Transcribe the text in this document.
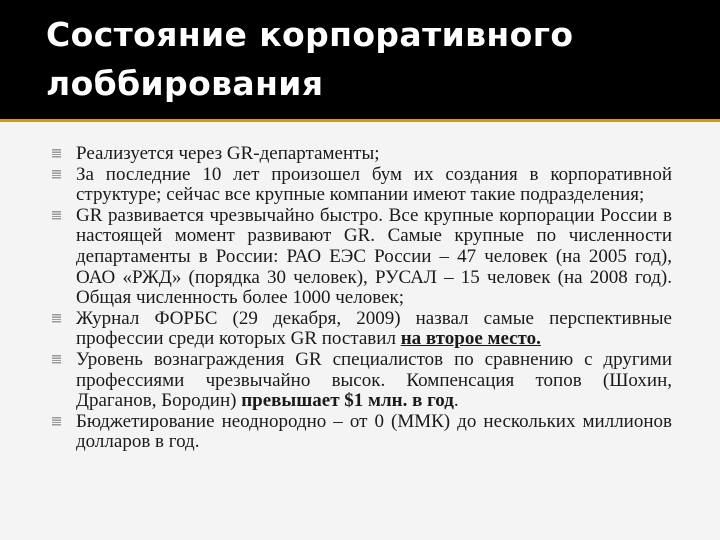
Состояние корпоративного
лоббирования
Реализуется через GR-департаменты;
За последние 10 лет произошел бум их создания в корпоративной структуре; сейчас все крупные компании имеют такие подразделения;
GR развивается чрезвычайно быстро. Все крупные корпорации России в настоящей момент развивают GR. Самые крупные по численности департаменты в России: РАО ЕЭС России – 47 человек (на 2005 год), ОАО «РЖД» (порядка 30 человек), РУСАЛ – 15 человек (на 2008 год). Общая численность более 1000 человек;
Журнал ФОРБС (29 декабря, 2009) назвал самые перспективные профессии среди которых GR поставил на второе место.
Уровень вознаграждения GR специалистов по сравнению с другими профессиями чрезвычайно высок. Компенсация топов (Шохин, Драганов, Бородин) превышает $1 млн. в год.
Бюджетирование неоднородно – от 0 (ММК) до нескольких миллионов долларов в год.
